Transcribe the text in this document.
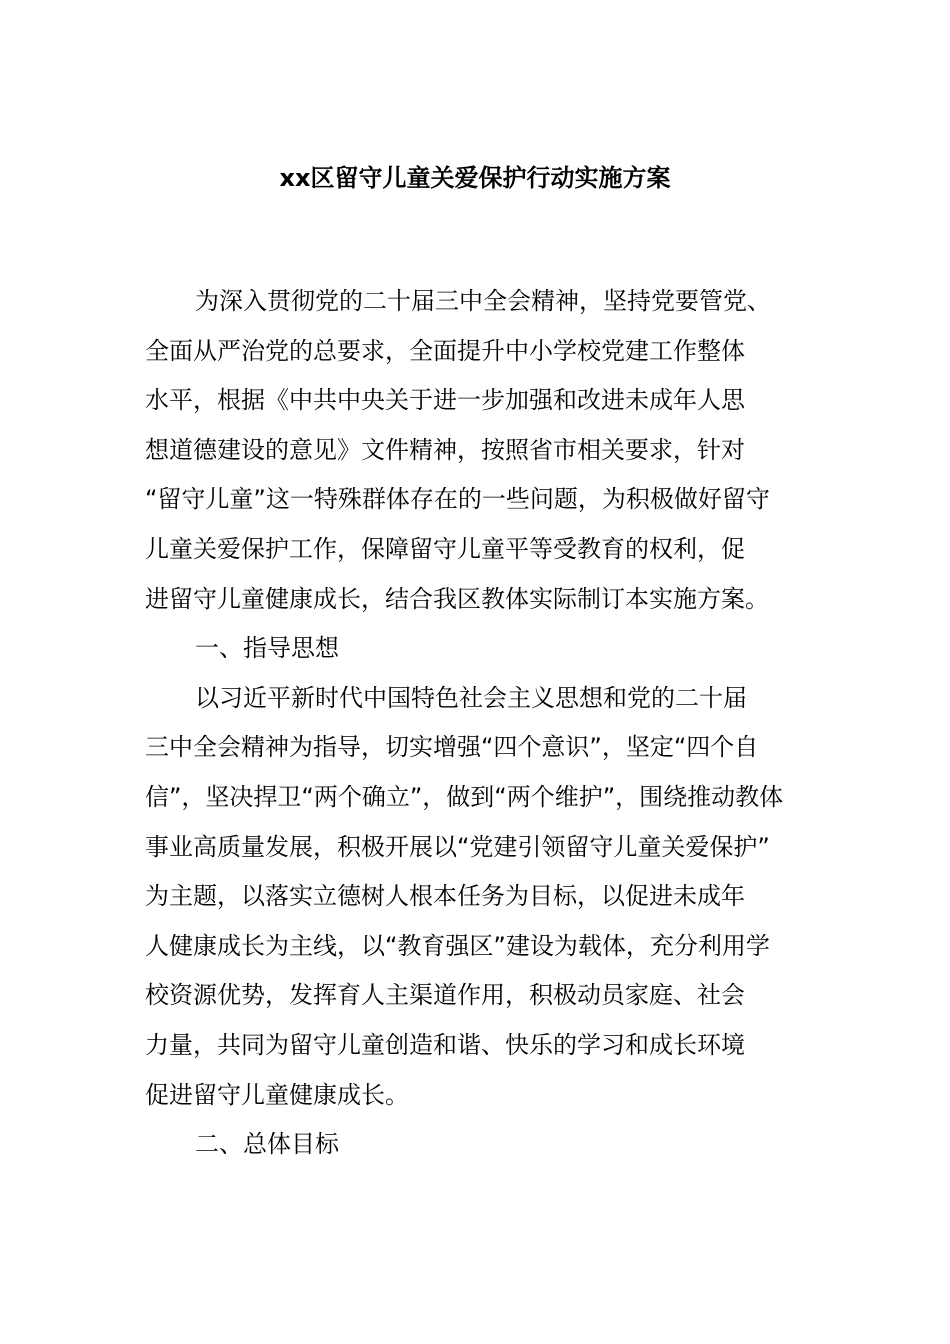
xx区留守儿童关爱保护行动实施方案
为深入贯彻党的二十届三中全会精神，坚持党要管党、
全面从严治党的总要求，全面提升中小学校党建工作整体
水平，根据《中共中央关于进一步加强和改进未成年人思
想道德建设的意见》文件精神，按照省市相关要求，针对
“留守儿童”这一特殊群体存在的一些问题，为积极做好留守
儿童关爱保护工作，保障留守儿童平等受教育的权利，促
进留守儿童健康成长，结合我区教体实际制订本实施方案。
一、指导思想
以习近平新时代中国特色社会主义思想和党的二十届
三中全会精神为指导，切实增强“四个意识”，坚定“四个自
信”，坚决捍卫“两个确立”，做到“两个维护”，围绕推动教体
事业高质量发展，积极开展以“党建引领留守儿童关爱保护”
为主题，以落实立德树人根本任务为目标，以促进未成年
人健康成长为主线，以“教育强区”建设为载体，充分利用学
校资源优势，发挥育人主渠道作用，积极动员家庭、社会
力量，共同为留守儿童创造和谐、快乐的学习和成长环境
促进留守儿童健康成长。
二、总体目标
